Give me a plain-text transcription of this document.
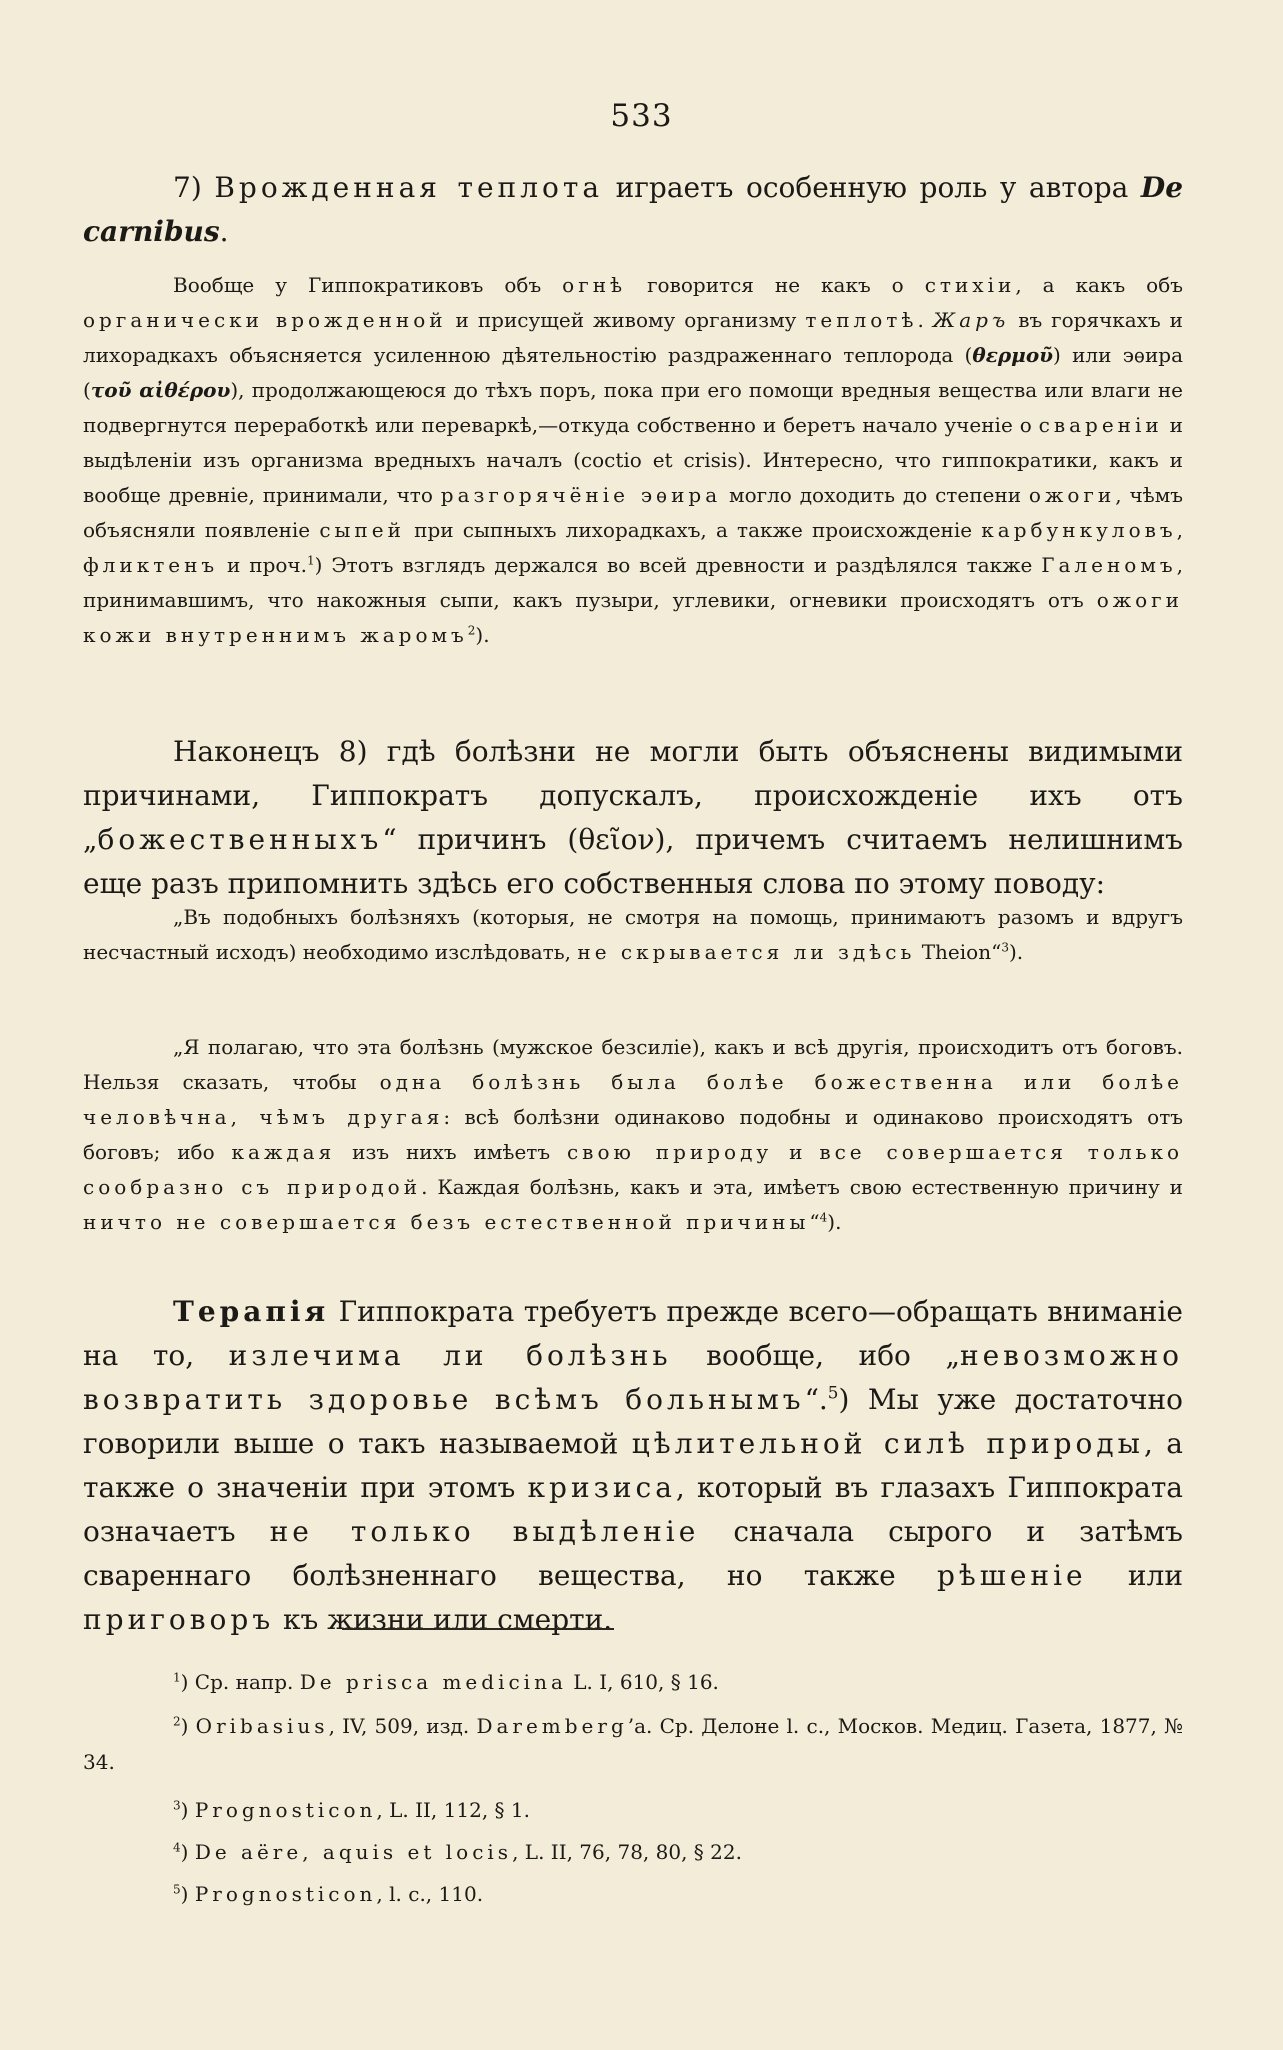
533

7) Врожденная теплота играетъ особенную роль у автора De carnibus.

Вообще у Гиппократиковъ объ огнѣ говорится не какъ о стихіи, а какъ объ органически врожденной и присущей живому организму теплотѣ. Жаръ въ горячкахъ и лихорадкахъ объясняется усиленною дѣятельностію раздраженнаго теплорода (θερμοῦ) или эѳира (τοῦ αἰθέρου), продолжающеюся до тѣхъ поръ, пока при его помощи вредныя вещества или влаги не подвергнутся переработкѣ или переваркѣ,—откуда собственно и беретъ начало ученіе о свареніи и выдѣленіи изъ организма вредныхъ началъ (coctio et crisis). Интересно, что гиппократики, какъ и вообще древніе, принимали, что разгорячёніе эѳира могло доходить до степени ожоги, чѣмъ объясняли появленіе сыпей при сыпныхъ лихорадкахъ, а также происхожденіе карбункуловъ, фликтенъ и проч.$^1$) Этотъ взглядъ держался во всей древности и раздѣлялся также Галеномъ, принимавшимъ, что накожныя сыпи, какъ пузыри, углевики, огневики происходятъ отъ ожоги кожи внутреннимъ жаромъ$^2$).

Наконецъ 8) гдѣ болѣзни не могли быть объяснены видимыми причинами, Гиппократъ допускалъ, происхожденіе ихъ отъ „божественныхъ“ причинъ (θεῖον), причемъ считаемъ нелишнимъ еще разъ припомнить здѣсь его собственныя слова по этому поводу:

„Въ подобныхъ болѣзняхъ (которыя, не смотря на помощь, принимаютъ разомъ и вдругъ несчастный исходъ) необходимо изслѣдовать, не скрывается ли здѣсь Theion“$^3$).

„Я полагаю, что эта болѣзнь (мужское безсиліе), какъ и всѣ другія, происходитъ отъ боговъ. Нельзя сказать, чтобы одна болѣзнь была болѣе божественна или болѣе человѣчна, чѣмъ другая: всѣ болѣзни одинаково подобны и одинаково происходятъ отъ боговъ; ибо каждая изъ нихъ имѣетъ свою природу и все совершается только сообразно съ природой. Каждая болѣзнь, какъ и эта, имѣетъ свою естественную причину и ничто не совершается безъ естественной причины“$^4$).

Терапія Гиппократа требуетъ прежде всего—обращать вниманіе на то, излечима ли болѣзнь вообще, ибо „невозможно возвратить здоровье всѣмъ больнымъ“.$^5$) Мы уже достаточно говорили выше о такъ называемой цѣлительной силѣ природы, а также о значеніи при этомъ кризиса, который въ глазахъ Гиппократа означаетъ не только выдѣленіе сначала сырого и затѣмъ свареннаго болѣзненнаго вещества, но также рѣшеніе или приговоръ къ жизни или смерти.

$^1$) Ср. напр. De prisca medicina L. I, 610, § 16.

$^2$) Oribasius, IV, 509, изд. Daremberg’а. Ср. Делоне l. с., Москов. Медиц. Газета, 1877, № 34.

$^3$) Prognosticon, L. II, 112, § 1.

$^4$) De aëre, aquis et locis, L. II, 76, 78, 80, § 22.

$^5$) Prognosticon, l. с., 110.
